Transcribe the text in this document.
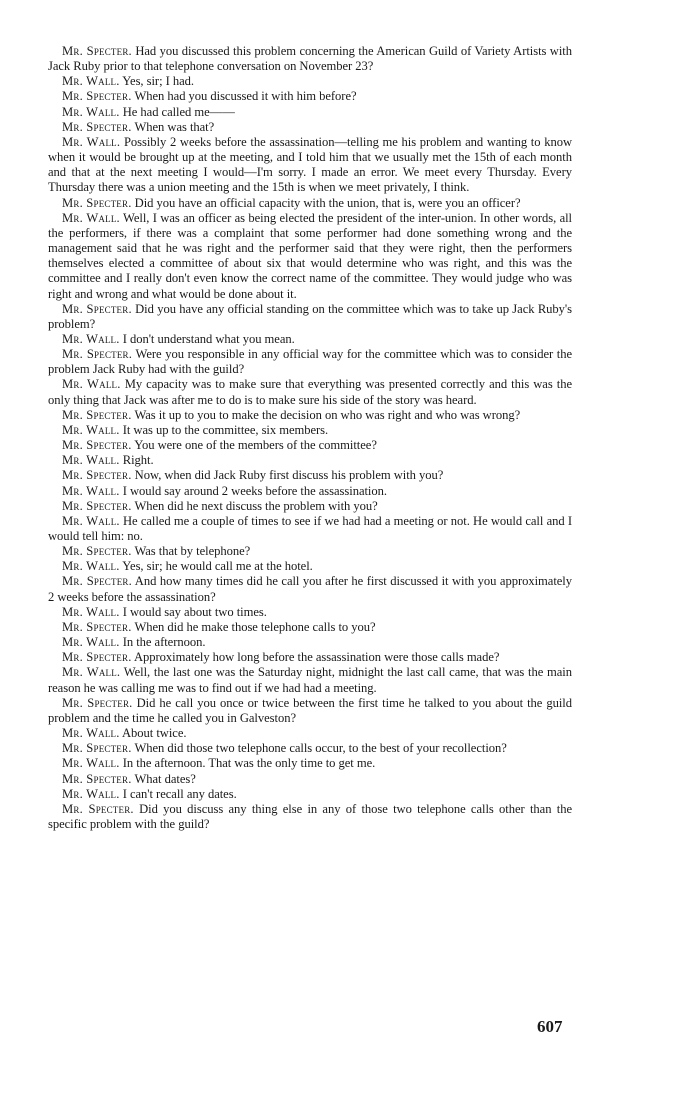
Mr. Specter. Had you discussed this problem concerning the American Guild of Variety Artists with Jack Ruby prior to that telephone conversation on November 23?

Mr. Wall. Yes, sir; I had.

Mr. Specter. When had you discussed it with him before?

Mr. Wall. He had called me——

Mr. Specter. When was that?

Mr. Wall. Possibly 2 weeks before the assassination—telling me his problem and wanting to know when it would be brought up at the meeting, and I told him that we usually met the 15th of each month and that at the next meeting I would—I'm sorry. I made an error. We meet every Thursday. Every Thursday there was a union meeting and the 15th is when we meet privately, I think.

Mr. Specter. Did you have an official capacity with the union, that is, were you an officer?

Mr. Wall. Well, I was an officer as being elected the president of the inter-union. In other words, all the performers, if there was a complaint that some performer had done something wrong and the management said that he was right and the performer said that they were right, then the performers themselves elected a committee of about six that would determine who was right, and this was the committee and I really don't even know the correct name of the committee. They would judge who was right and wrong and what would be done about it.

Mr. Specter. Did you have any official standing on the committee which was to take up Jack Ruby's problem?

Mr. Wall. I don't understand what you mean.

Mr. Specter. Were you responsible in any official way for the committee which was to consider the problem Jack Ruby had with the guild?

Mr. Wall. My capacity was to make sure that everything was presented correctly and this was the only thing that Jack was after me to do is to make sure his side of the story was heard.

Mr. Specter. Was it up to you to make the decision on who was right and who was wrong?

Mr. Wall. It was up to the committee, six members.

Mr. Specter. You were one of the members of the committee?

Mr. Wall. Right.

Mr. Specter. Now, when did Jack Ruby first discuss his problem with you?

Mr. Wall. I would say around 2 weeks before the assassination.

Mr. Specter. When did he next discuss the problem with you?

Mr. Wall. He called me a couple of times to see if we had had a meeting or not. He would call and I would tell him: no.

Mr. Specter. Was that by telephone?

Mr. Wall. Yes, sir; he would call me at the hotel.

Mr. Specter. And how many times did he call you after he first discussed it with you approximately 2 weeks before the assassination?

Mr. Wall. I would say about two times.

Mr. Specter. When did he make those telephone calls to you?

Mr. Wall. In the afternoon.

Mr. Specter. Approximately how long before the assassination were those calls made?

Mr. Wall. Well, the last one was the Saturday night, midnight the last call came, that was the main reason he was calling me was to find out if we had had a meeting.

Mr. Specter. Did he call you once or twice between the first time he talked to you about the guild problem and the time he called you in Galveston?

Mr. Wall. About twice.

Mr. Specter. When did those two telephone calls occur, to the best of your recollection?

Mr. Wall. In the afternoon. That was the only time to get me.

Mr. Specter. What dates?

Mr. Wall. I can't recall any dates.

Mr. Specter. Did you discuss any thing else in any of those two telephone calls other than the specific problem with the guild?

607
